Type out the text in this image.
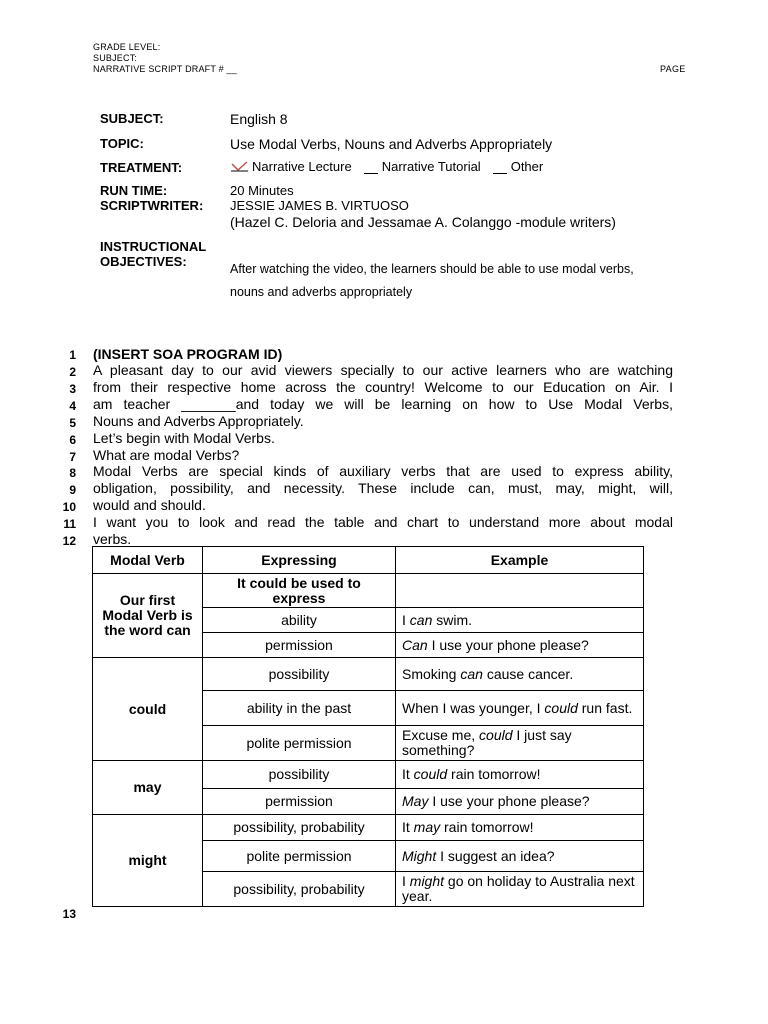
GRADE LEVEL:
SUBJECT:
NARRATIVE SCRIPT DRAFT # __	PAGE
SUBJECT:	English 8
TOPIC:	Use Modal Verbs, Nouns and Adverbs Appropriately
TREATMENT:	Narrative Lecture Narrative Tutorial Other
RUN TIME:	20 Minutes
SCRIPTWRITER: JESSIE JAMES B. VIRTUOSO
(Hazel C. Deloria and Jessamae A. Colanggo -module writers)
INSTRUCTIONAL
OBJECTIVES:	After watching the video, the learners should be able to use modal verbs, nouns and adverbs appropriately
1 (INSERT SOA PROGRAM ID)
2 A pleasant day to our avid viewers specially to our active learners who are watching
3 from their respective home across the country! Welcome to our Education on Air. I
4 am teacher _______and today we will be learning on how to Use Modal Verbs,
5 Nouns and Adverbs Appropriately.
6 Let’s begin with Modal Verbs.
7 What are modal Verbs?
8 Modal Verbs are special kinds of auxiliary verbs that are used to express ability,
9 obligation, possibility, and necessity. These include can, must, may, might, will,
10 would and should.
11 I want you to look and read the table and chart to understand more about modal
12 verbs.
Modal Verb	Expressing	Example
Our first Modal Verb is the word can	It could be used to express	
	ability	I can swim.
	permission	Can I use your phone please?
could	possibility	Smoking can cause cancer.
	ability in the past	When I was younger, I could run fast.
	polite permission	Excuse me, could I just say something?
may	possibility	It could rain tomorrow!
	permission	May I use your phone please?
might	possibility, probability	It may rain tomorrow!
	polite permission	Might I suggest an idea?
	possibility, probability	I might go on holiday to Australia next year.
13
